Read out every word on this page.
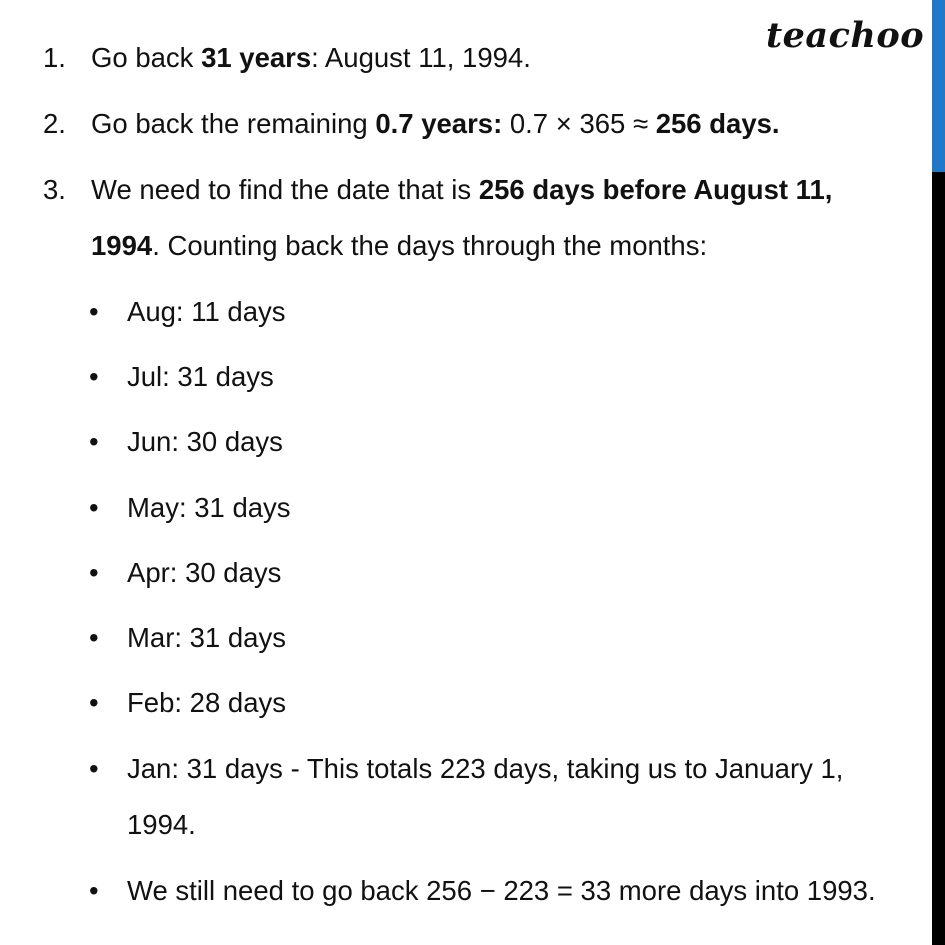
teachoo
1. Go back 31 years: August 11, 1994.
2. Go back the remaining 0.7 years: 0.7 × 365 ≈ 256 days.
3. We need to find the date that is 256 days before August 11,
1994. Counting back the days through the months:
• Aug: 11 days
• Jul: 31 days
• Jun: 30 days
• May: 31 days
• Apr: 30 days
• Mar: 31 days
• Feb: 28 days
• Jan: 31 days - This totals 223 days, taking us to January 1,
1994.
• We still need to go back 256 − 223 = 33 more days into 1993.
